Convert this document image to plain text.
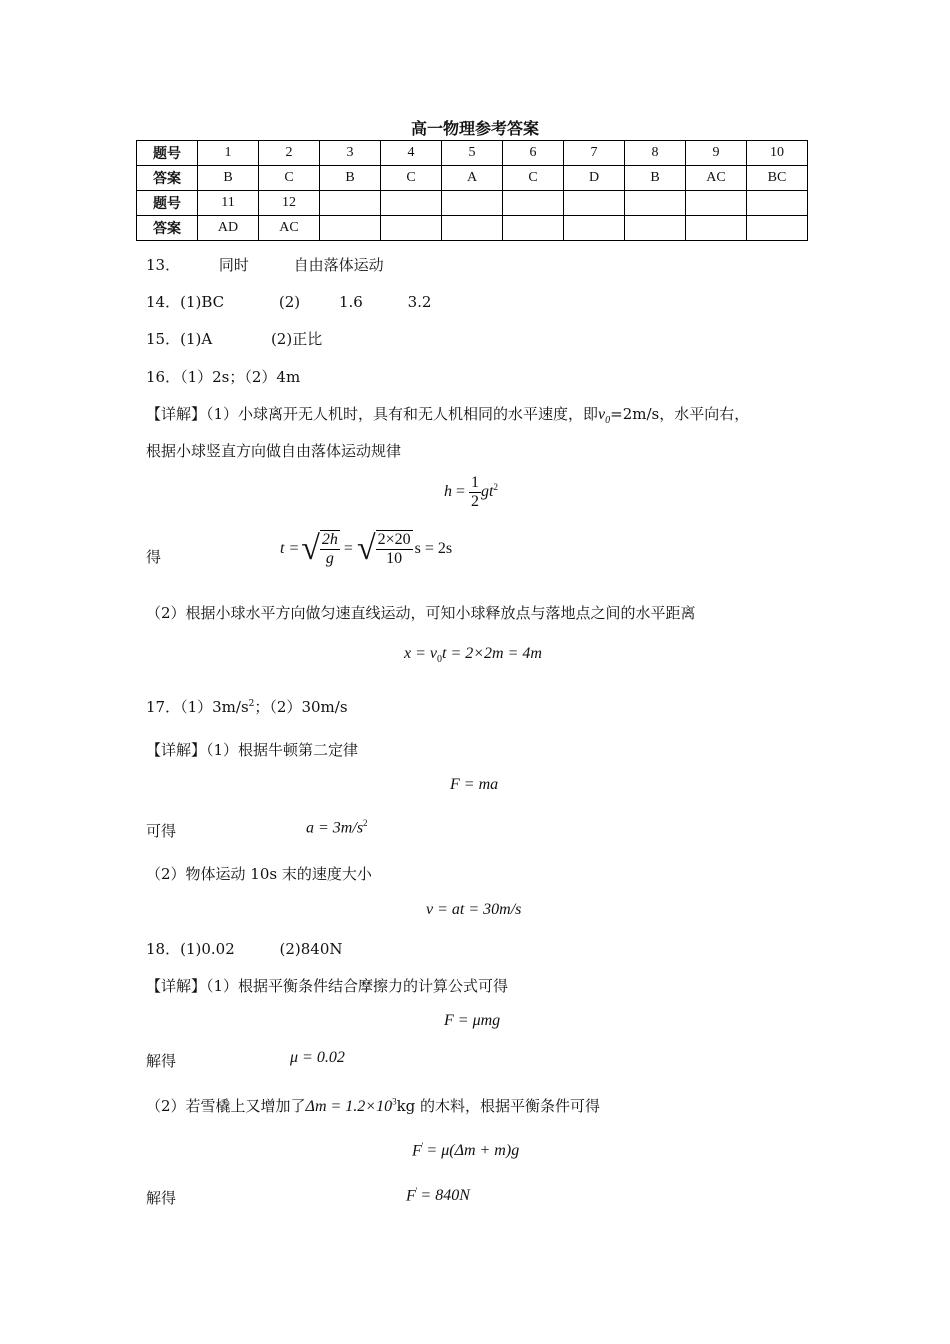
高一物理参考答案
题号	1	2	3	4	5	6	7	8	9	10
答案	B	C	B	C	A	C	D	B	AC	BC
题号	11	12								
答案	AD	AC								
13．	同时	自由落体运动
14．(1)BC	(2)	1.6	3.2
15．(1)A	(2)正比
16．（1）2s；（2）4m
【详解】（1）小球离开无人机时，具有和无人机相同的水平速度，即$v_0=2m/s$，水平向右，
根据小球竖直方向做自由落体运动规律
$h = \frac{1}{2} gt^2$
得	t =√ $\frac{2h}{g}$ = √ $\frac{2\times 20}{10}$ s = 2s
（2）根据小球水平方向做匀速直线运动，可知小球释放点与落地点之间的水平距离
$x = v_0t = 2\times 2m = 4m$
17．$(1)3m/s^2$；（2）30m/s
【详解】（1）根据牛顿第二定律
F = ma
可得	$a = 3m/s^2$
（2）物体运动 10s 末的速度大小
v = at = 30m/s
18．(1)0.02	(2)840N
【详解】（1）根据平衡条件结合摩擦力的计算公式可得
F = μmg
解得	μ = 0.02
（2）若雪橇上又增加了$\Delta m = 1.2\times 10^3kg$ 的木料，根据平衡条件可得
F' = μ(Δm + m)g
解得	F' = 840N
